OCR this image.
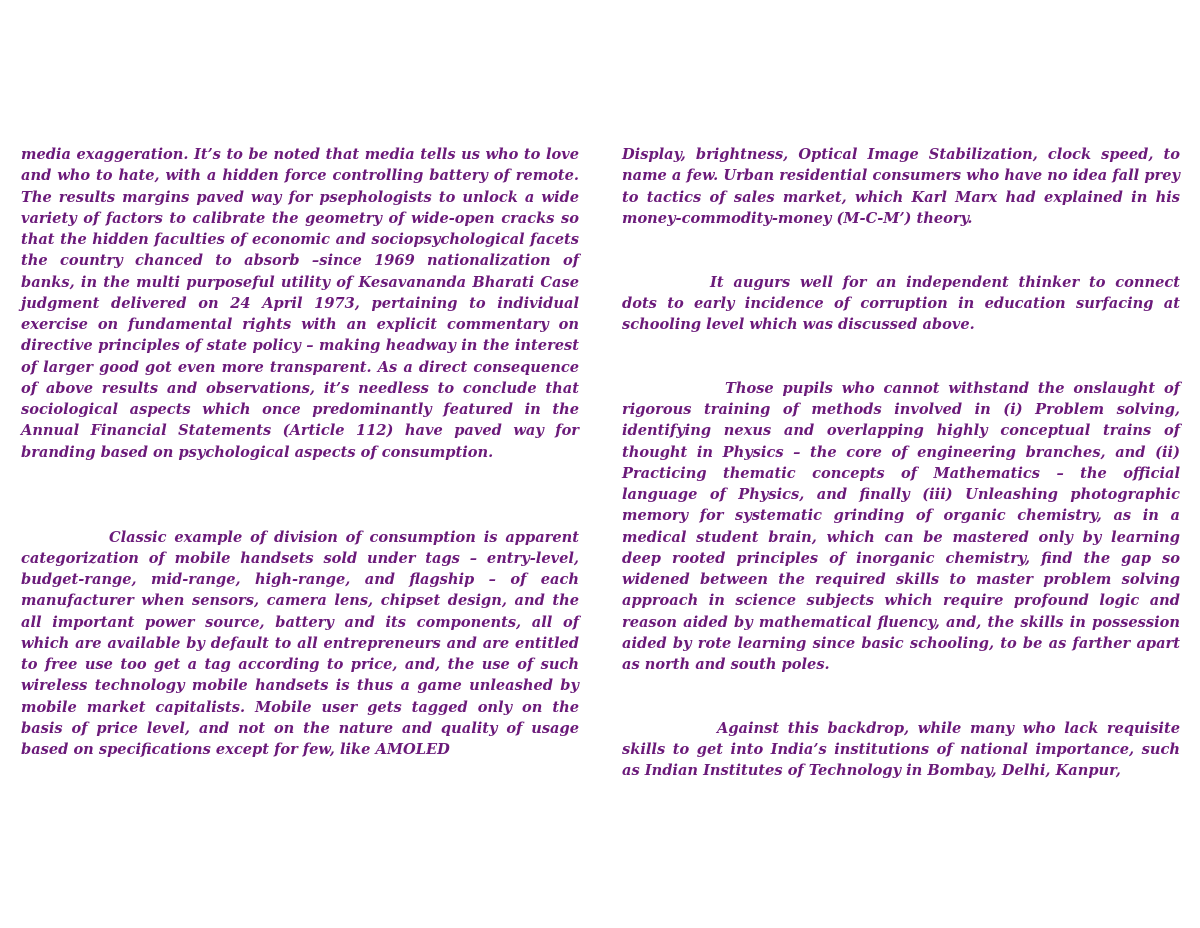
media exaggeration. It’s to be noted that media tells us who to love and who to hate, with a hidden force controlling battery of remote. The results margins paved way for psephologists to unlock a wide variety of factors to calibrate the geometry of wide-open cracks so that the hidden faculties of economic and sociopsychological facets the country chanced to absorb –since 1969 nationalization of banks, in the multi purposeful utility of Kesavananda Bharati Case judgment delivered on 24 April 1973, pertaining to individual exercise on fundamental rights with an explicit commentary on directive principles of state policy – making headway in the interest of larger good got even more transparent. As a direct consequence of above results and observations, it’s needless to conclude that sociological aspects which once predominantly featured in the Annual Financial Statements (Article 112) have paved way for branding based on psychological aspects of consumption.

Classic example of division of consumption is apparent categorization of mobile handsets sold under tags – entry-level, budget-range, mid-range, high-range, and flagship – of each manufacturer when sensors, camera lens, chipset design, and the all important power source, battery and its components, all of which are available by default to all entrepreneurs and are entitled to free use too get a tag according to price, and, the use of such wireless technology mobile handsets is thus a game unleashed by mobile market capitalists. Mobile user gets tagged only on the basis of price level, and not on the nature and quality of usage based on specifications except for few, like AMOLED

Display, brightness, Optical Image Stabilization, clock speed, to name a few. Urban residential consumers who have no idea fall prey to tactics of sales market, which Karl Marx had explained in his money-commodity-money (M-C-M’) theory.

It augurs well for an independent thinker to connect dots to early incidence of corruption in education surfacing at schooling level which was discussed above.

Those pupils who cannot withstand the onslaught of rigorous training of methods involved in (i) Problem solving, identifying nexus and overlapping highly conceptual trains of thought in Physics – the core of engineering branches, and (ii) Practicing thematic concepts of Mathematics – the official language of Physics, and finally (iii) Unleashing photographic memory for systematic grinding of organic chemistry, as in a medical student brain, which can be mastered only by learning deep rooted principles of inorganic chemistry, find the gap so widened between the required skills to master problem solving approach in science subjects which require profound logic and reason aided by mathematical fluency, and, the skills in possession aided by rote learning since basic schooling, to be as farther apart as north and south poles.

Against this backdrop, while many who lack requisite skills to get into India’s institutions of national importance, such as Indian Institutes of Technology in Bombay, Delhi, Kanpur,
